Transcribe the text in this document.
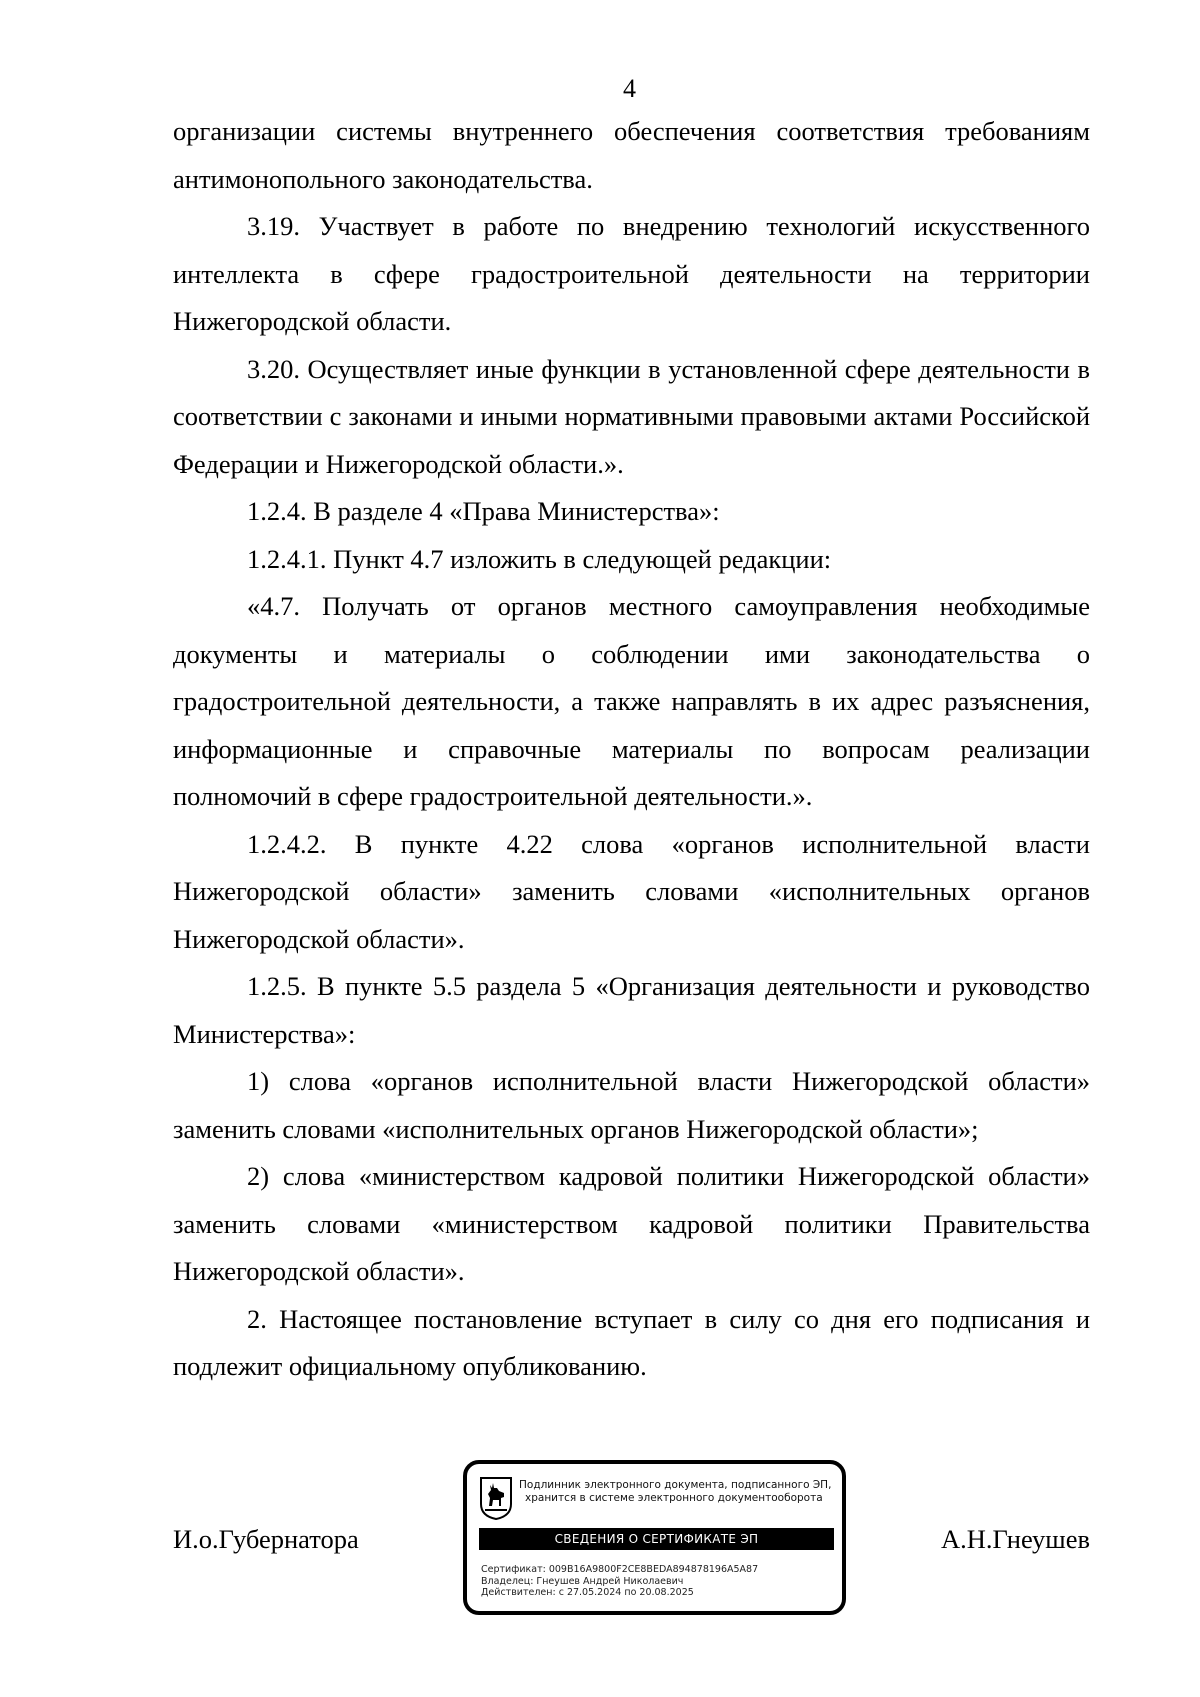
4

организации системы внутреннего обеспечения соответствия требованиям антимонопольного законодательства.

3.19. Участвует в работе по внедрению технологий искусственного интеллекта в сфере градостроительной деятельности на территории Нижегородской области.

3.20. Осуществляет иные функции в установленной сфере деятельности в соответствии с законами и иными нормативными правовыми актами Российской Федерации и Нижегородской области.».

1.2.4. В разделе 4 «Права Министерства»:

1.2.4.1. Пункт 4.7 изложить в следующей редакции:

«4.7. Получать от органов местного самоуправления необходимые документы и материалы о соблюдении ими законодательства о градостроительной деятельности, а также направлять в их адрес разъяснения, информационные и справочные материалы по вопросам реализации полномочий в сфере градостроительной деятельности.».

1.2.4.2. В пункте 4.22 слова «органов исполнительной власти Нижегородской области» заменить словами «исполнительных органов Нижегородской области».

1.2.5. В пункте 5.5 раздела 5 «Организация деятельности и руководство Министерства»:

1) слова «органов исполнительной власти Нижегородской области» заменить словами «исполнительных органов Нижегородской области»;

2) слова «министерством кадровой политики Нижегородской области» заменить словами «министерством кадровой политики Правительства Нижегородской области».

2. Настоящее постановление вступает в силу со дня его подписания и подлежит официальному опубликованию.

И.о.Губернатора	А.Н.Гнеушев
Подлинник электронного документа, подписанного ЭП,
хранится в системе электронного документооборота
СВЕДЕНИЯ О СЕРТИФИКАТЕ ЭП
Сертификат: 009B16A9800F2CE8BEDA894878196A5A87
Владелец: Гнеушев Андрей Николаевич
Действителен: с 27.05.2024 по 20.08.2025
